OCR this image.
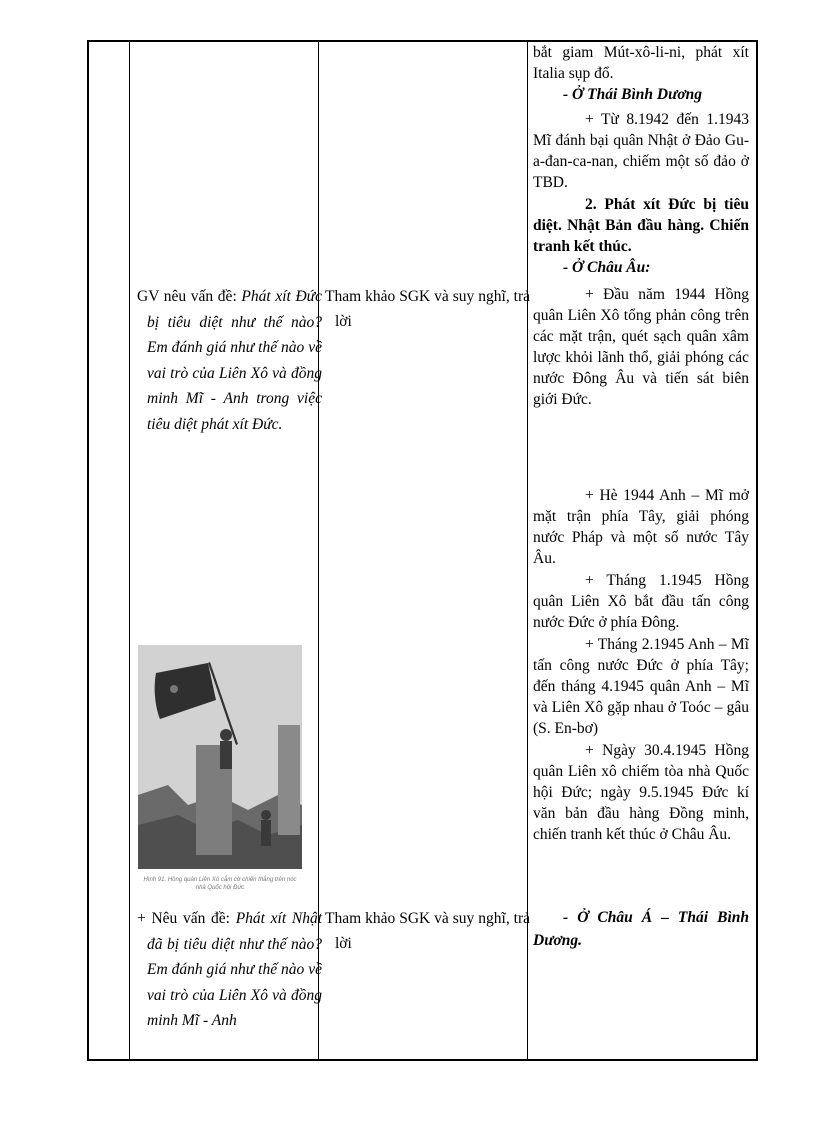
bắt giam Mút-xô-li-ni, phát xít Italia sụp đổ.
- Ở Thái Bình Dương
+ Từ 8.1942 đến 1.1943 Mĩ đánh bại quân Nhật ở Đảo Gu-a-đan-ca-nan, chiếm một số đảo ở TBD.
2. Phát xít Đức bị tiêu diệt. Nhật Bản đầu hàng. Chiến tranh kết thúc.
- Ở Châu Âu:
+ Đầu năm 1944 Hồng quân Liên Xô tổng phản công trên các mặt trận, quét sạch quân xâm lược khỏi lãnh thổ, giải phóng các nước Đông Âu và tiến sát biên giới Đức.
GV nêu vấn đề: Phát xít Đức bị tiêu diệt như thế nào? Em đánh giá như thế nào về vai trò của Liên Xô và đồng minh Mĩ - Anh trong việc tiêu diệt phát xít Đức.
Tham khảo SGK và suy nghĩ, trả lời
+ Hè 1944 Anh – Mĩ mở mặt trận phía Tây, giải phóng nước Pháp và một số nước Tây Âu.
+ Tháng 1.1945 Hồng quân Liên Xô bắt đầu tấn công nước Đức ở phía Đông.
+ Tháng 2.1945 Anh – Mĩ tấn công nước Đức ở phía Tây; đến tháng 4.1945 quân Anh – Mĩ và Liên Xô gặp nhau ở Toóc – gâu (S. En-bơ)
+ Ngày 30.4.1945 Hồng quân Liên xô chiếm tòa nhà Quốc hội Đức; ngày 9.5.1945 Đức kí văn bản đầu hàng Đồng minh, chiến tranh kết thúc ở Châu Âu.
Hình 91. Hồng quân Liên Xô cắm cờ chiến thắng trên nóc nhà Quốc hội Đức
+ Nêu vấn đề: Phát xít Nhật đã bị tiêu diệt như thế nào? Em đánh giá như thế nào về vai trò của Liên Xô và đồng minh Mĩ - Anh
Tham khảo SGK và suy nghĩ, trả lời
- Ở Châu Á – Thái Bình Dương.
